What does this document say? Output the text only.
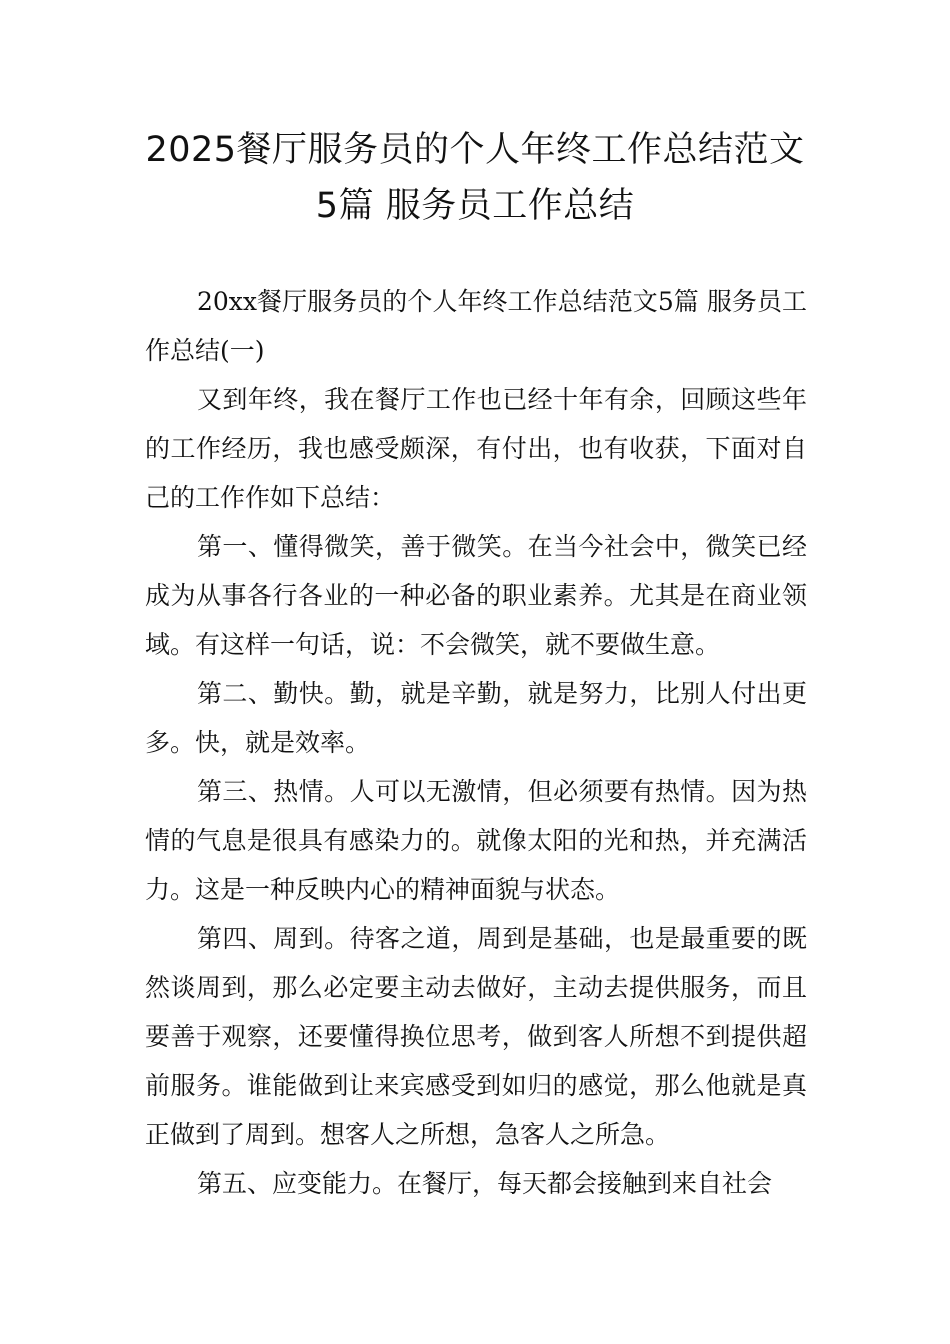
2025餐厅服务员的个人年终工作总结范文
5篇 服务员工作总结

20xx餐厅服务员的个人年终工作总结范文5篇 服务员工作总结(一)

又到年终，我在餐厅工作也已经十年有余，回顾这些年的工作经历，我也感受颇深，有付出，也有收获，下面对自己的工作作如下总结：

第一、懂得微笑，善于微笑。在当今社会中，微笑已经成为从事各行各业的一种必备的职业素养。尤其是在商业领域。有这样一句话，说：不会微笑，就不要做生意。

第二、勤快。勤，就是辛勤，就是努力，比别人付出更多。快，就是效率。

第三、热情。人可以无激情，但必须要有热情。因为热情的气息是很具有感染力的。就像太阳的光和热，并充满活力。这是一种反映内心的精神面貌与状态。

第四、周到。待客之道，周到是基础，也是最重要的既然谈周到，那么必定要主动去做好，主动去提供服务，而且要善于观察，还要懂得换位思考，做到客人所想不到提供超前服务。谁能做到让来宾感受到如归的感觉，那么他就是真正做到了周到。想客人之所想，急客人之所急。

第五、应变能力。在餐厅，每天都会接触到来自社会
